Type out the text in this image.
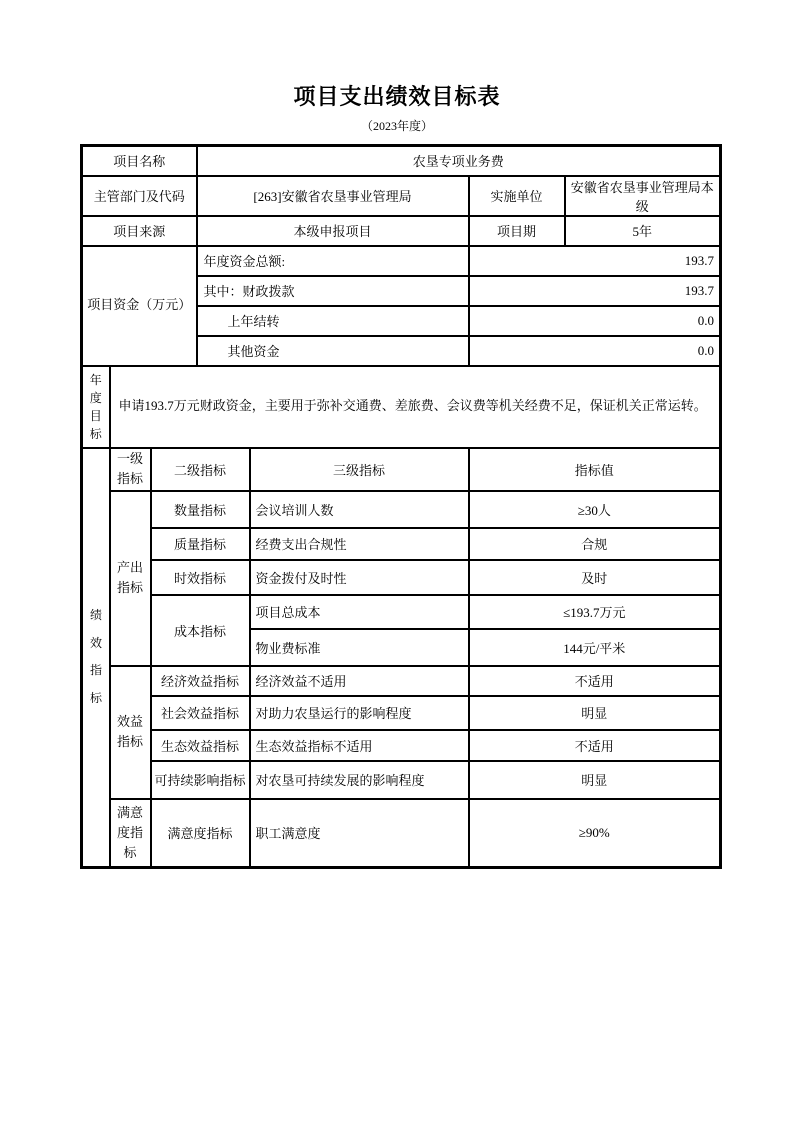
项目支出绩效目标表
（2023年度）
项目名称			农垦专项业务费			
主管部门及代码			[263]安徽省农垦事业管理局		实施单位	安徽省农垦事业管理局本级
项目来源			本级申报项目		项目期	5年
项目资金（万元）			年度资金总额:		193.7	
			其中：财政拨款		193.7	
			上年结转		0.0	
			其他资金		0.0	
年度目标	申请193.7万元财政资金，主要用于弥补交通费、差旅费、会议费等机关经费不足，保证机关正常运转。					
绩效指标	一级指标	二级指标		三级指标	指标值	
	产出指标	数量指标		会议培训人数	≥30人	
		质量指标		经费支出合规性	合规	
		时效指标		资金拨付及时性	及时	
		成本指标		项目总成本	≤193.7万元	
				物业费标准	144元/平米	
	效益指标	经济效益指标		经济效益不适用	不适用	
		社会效益指标		对助力农垦运行的影响程度	明显	
		生态效益指标		生态效益指标不适用	不适用	
		可持续影响指标		对农垦可持续发展的影响程度	明显	
	满意度指标	满意度指标		职工满意度	≥90%	
